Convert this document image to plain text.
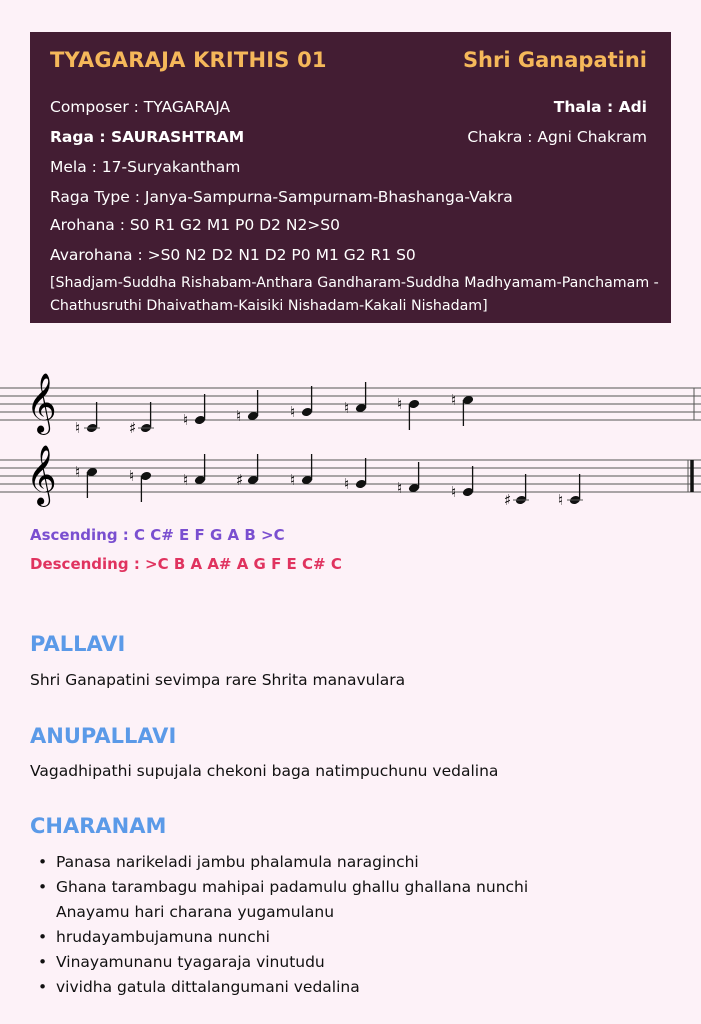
TYAGARAJA KRITHIS 01	Shri Ganapatini
Composer : TYAGARAJA	Thala : Adi
Raga : SAURASHTRAM	Chakra : Agni Chakram
Mela : 17-Suryakantham
Raga Type : Janya-Sampurna-Sampurnam-Bhashanga-Vakra
Arohana : S0 R1 G2 M1 P0 D2 N2>S0
Avarohana : >S0 N2 D2 N1 D2 P0 M1 G2 R1 S0
[Shadjam-Suddha Rishabam-Anthara Gandharam-Suddha Madhyamam-Panchamam -Chathusruthi Dhaivatham-Kaisiki Nishadam-Kakali Nishadam]
𝄞 ♮	♯	♮	♮	♮	♮	♮	♮
𝄞 ♮	♮	♮	♯	♮	♮	♮	♮	♯	♮
Ascending : C C# E F G A B >C
Descending : >C B A A# A G F E C# C
PALLAVI
Shri Ganapatini sevimpa rare Shrita manavulara
ANUPALLAVI
Vagadhipathi supujala chekoni baga natimpuchunu vedalina
CHARANAM
• Panasa narikeladi jambu phalamula naraginchi
• Ghana tarambagu mahipai padamulu ghallu ghallana nunchi
Anayamu hari charana yugamulanu
• hrudayambujamuna nunchi
• Vinayamunanu tyagaraja vinutudu
• vividha gatula dittalangumani vedalina
